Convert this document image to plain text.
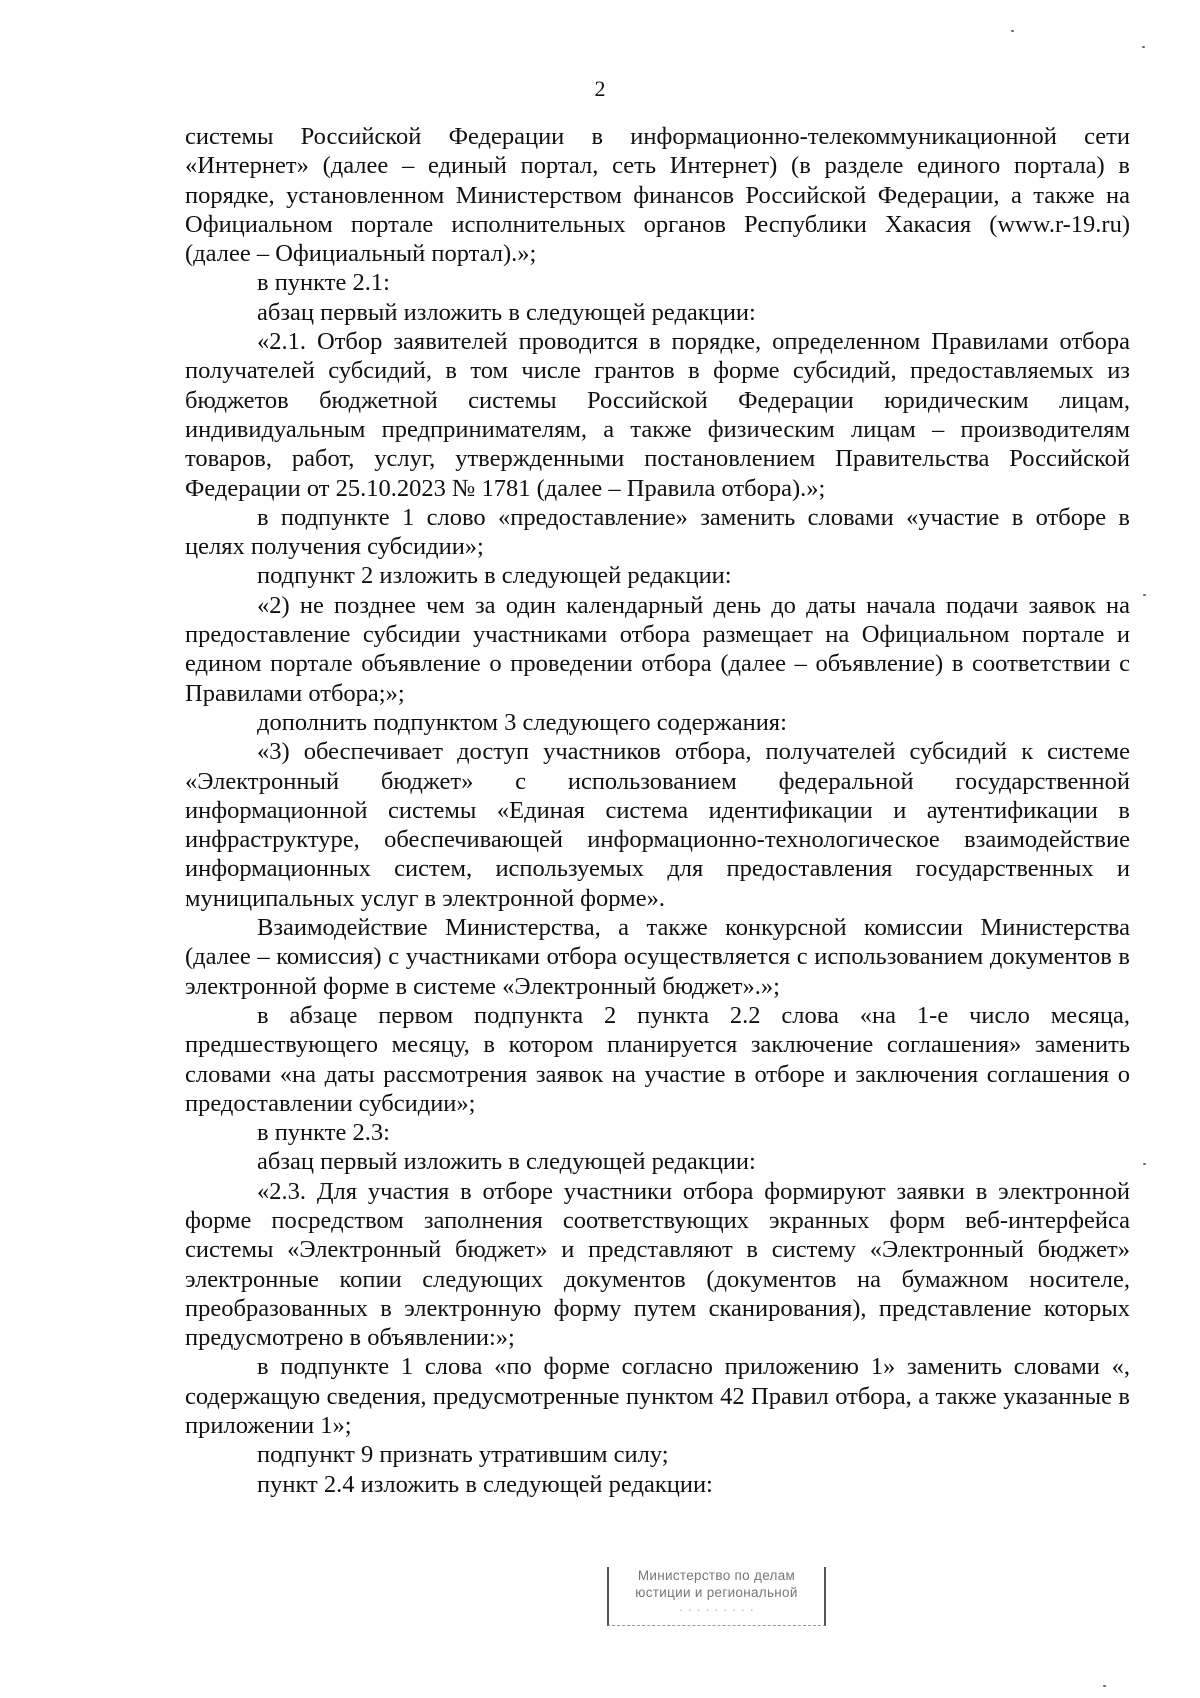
2

системы Российской Федерации в информационно-телекоммуникационной сети «Интернет» (далее – единый портал, сеть Интернет) (в разделе единого портала) в порядке, установленном Министерством финансов Российской Федерации, а также на Официальном портале исполнительных органов Республики Хакасия (www.r-19.ru) (далее – Официальный портал).»;

в пункте 2.1:

абзац первый изложить в следующей редакции:

«2.1. Отбор заявителей проводится в порядке, определенном Правилами отбора получателей субсидий, в том числе грантов в форме субсидий, предоставляемых из бюджетов бюджетной системы Российской Федерации юридическим лицам, индивидуальным предпринимателям, а также физическим лицам – производителям товаров, работ, услуг, утвержденными постановлением Правительства Российской Федерации от 25.10.2023 № 1781 (далее – Правила отбора).»;

в подпункте 1 слово «предоставление» заменить словами «участие в отборе в целях получения субсидии»;

подпункт 2 изложить в следующей редакции:

«2) не позднее чем за один календарный день до даты начала подачи заявок на предоставление субсидии участниками отбора размещает на Официальном портале и едином портале объявление о проведении отбора (далее – объявление) в соответствии с Правилами отбора;»;

дополнить подпунктом 3 следующего содержания:

«3) обеспечивает доступ участников отбора, получателей субсидий к системе «Электронный бюджет» с использованием федеральной государственной информационной системы «Единая система идентификации и аутентификации в инфраструктуре, обеспечивающей информационно-технологическое взаимодействие информационных систем, используемых для предоставления государственных и муниципальных услуг в электронной форме».

Взаимодействие Министерства, а также конкурсной комиссии Министерства (далее – комиссия) с участниками отбора осуществляется с использованием документов в электронной форме в системе «Электронный бюджет».»;

в абзаце первом подпункта 2 пункта 2.2 слова «на 1-е число месяца, предшествующего месяцу, в котором планируется заключение соглашения» заменить словами «на даты рассмотрения заявок на участие в отборе и заключения соглашения о предоставлении субсидии»;

в пункте 2.3:

абзац первый изложить в следующей редакции:

«2.3. Для участия в отборе участники отбора формируют заявки в электронной форме посредством заполнения соответствующих экранных форм веб-интерфейса системы «Электронный бюджет» и представляют в систему «Электронный бюджет» электронные копии следующих документов (документов на бумажном носителе, преобразованных в электронную форму путем сканирования), представление которых предусмотрено в объявлении:»;

в подпункте 1 слова «по форме согласно приложению 1» заменить словами «, содержащую сведения, предусмотренные пунктом 42 Правил отбора, а также указанные в приложении 1»;

подпункт 9 признать утратившим силу;

пункт 2.4 изложить в следующей редакции:

Министерство по делам
юстиции и региональной
· · · · · · · · ·
